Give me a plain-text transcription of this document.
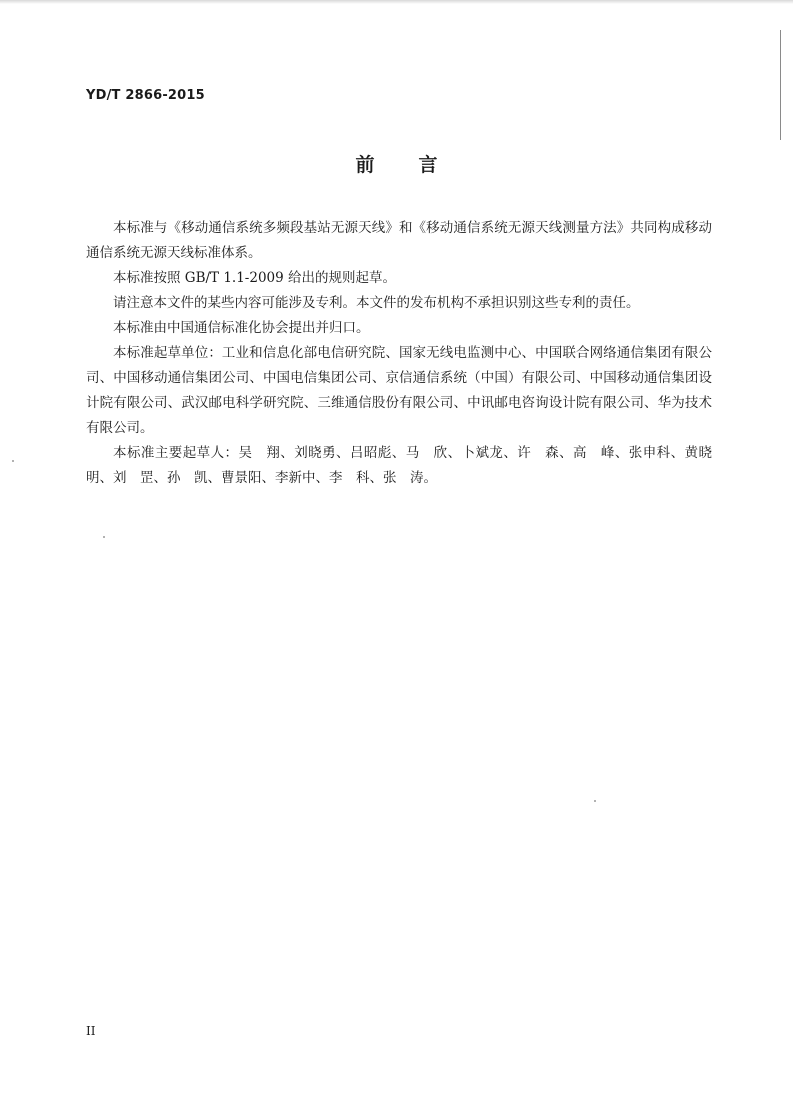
YD/T 2866-2015
前 言

本标准与《移动通信系统多频段基站无源天线》和《移动通信系统无源天线测量方法》共同构成移动通信系统无源天线标准体系。

本标准按照 GB/T 1.1-2009 给出的规则起草。

请注意本文件的某些内容可能涉及专利。本文件的发布机构不承担识别这些专利的责任。

本标准由中国通信标准化协会提出并归口。

本标准起草单位：工业和信息化部电信研究院、国家无线电监测中心、中国联合网络通信集团有限公司、中国移动通信集团公司、中国电信集团公司、京信通信系统（中国）有限公司、中国移动通信集团设计院有限公司、武汉邮电科学研究院、三维通信股份有限公司、中讯邮电咨询设计院有限公司、华为技术有限公司。

本标准主要起草人：吴　翔、刘晓勇、吕昭彪、马　欣、卜斌龙、许　森、高　峰、张申科、黄晓明、刘　罡、孙　凯、曹景阳、李新中、李　科、张　涛。

II
